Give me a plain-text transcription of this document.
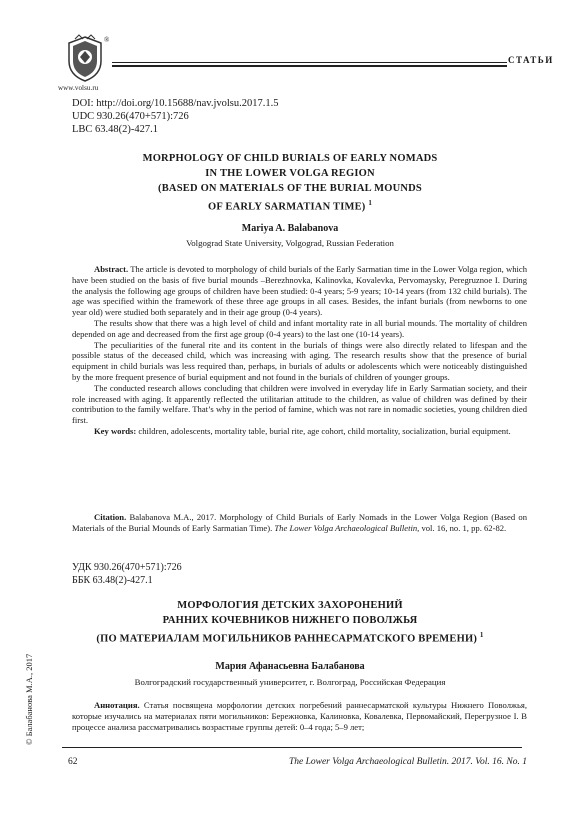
®
www.volsu.ru
СТАТЬИ
DOI: http://doi.org/10.15688/nav.jvolsu.2017.1.5
UDC 930.26(470+571):726
LBC 63.48(2)-427.1
MORPHOLOGY OF CHILD BURIALS OF EARLY NOMADS
IN THE LOWER VOLGA REGION
(BASED ON MATERIALS OF THE BURIAL MOUNDS
OF EARLY SARMATIAN TIME) $^1$
Mariya A. Balabanova
Volgograd State University, Volgograd, Russian Federation
Abstract. The article is devoted to morphology of child burials of the Early Sarmatian time in the Lower Volga region, which have been studied on the basis of five burial mounds –Berezhnovka, Kalinovka, Kovalevka, Pervomaysky, Peregruznoe I. During the analysis the following age groups of children have been studied: 0-4 years; 5-9 years; 10-14 years (from 132 child burials). The age was specified within the framework of these three age groups in all cases. Besides, the infant burials (from newborns to one year old) were studied both separately and in their age group (0-4 years).
The results show that there was a high level of child and infant mortality rate in all burial mounds. The mortality of children depended on age and decreased from the first age group (0-4 years) to the last one (10-14 years).
The peculiarities of the funeral rite and its content in the burials of things were also directly related to lifespan and the possible status of the deceased child, which was increasing with aging. The research results show that the presence of burial equipment in child burials was less required than, perhaps, in burials of adults or adolescents which were noticeably distinguished by the more frequent presence of burial equipment and not found in the burials of children of younger groups.
The conducted research allows concluding that children were involved in everyday life in Early Sarmatian society, and their role increased with aging. It apparently reflected the utilitarian attitude to the children, as value of children was defined by their contribution to the family welfare. That’s why in the period of famine, which was not rare in nomadic societies, young children died first.
Key words: children, adolescents, mortality table, burial rite, age cohort, child mortality, socialization, burial equipment.
Citation. Balabanova M.A., 2017. Morphology of Child Burials of Early Nomads in the Lower Volga Region (Based on Materials of the Burial Mounds of Early Sarmatian Time). The Lower Volga Archaeological Bulletin, vol. 16, no. 1, pp. 62-82.
УДК 930.26(470+571):726
ББК 63.48(2)-427.1
МОРФОЛОГИЯ ДЕТСКИХ ЗАХОРОНЕНИЙ
РАННИХ КОЧЕВНИКОВ НИЖНЕГО ПОВОЛЖЬЯ
(ПО МАТЕРИАЛАМ МОГИЛЬНИКОВ РАННЕСАРМАТСКОГО ВРЕМЕНИ) $^1$
Мария Афанасьевна Балабанова
Волгоградский государственный университет, г. Волгоград, Российская Федерация
Аннотация. Статья посвящена морфологии детских погребений раннесарматской культуры Нижнего Поволжья, которые изучались на материалах пяти могильников: Бережновка, Калиновка, Ковалевка, Первомайский, Перегрузное I. В процессе анализа рассматривались возрастные группы детей: 0–4 года; 5–9 лет;
© Балабанова М.А., 2017
62	The Lower Volga Archaeological Bulletin. 2017. Vol. 16. No. 1
